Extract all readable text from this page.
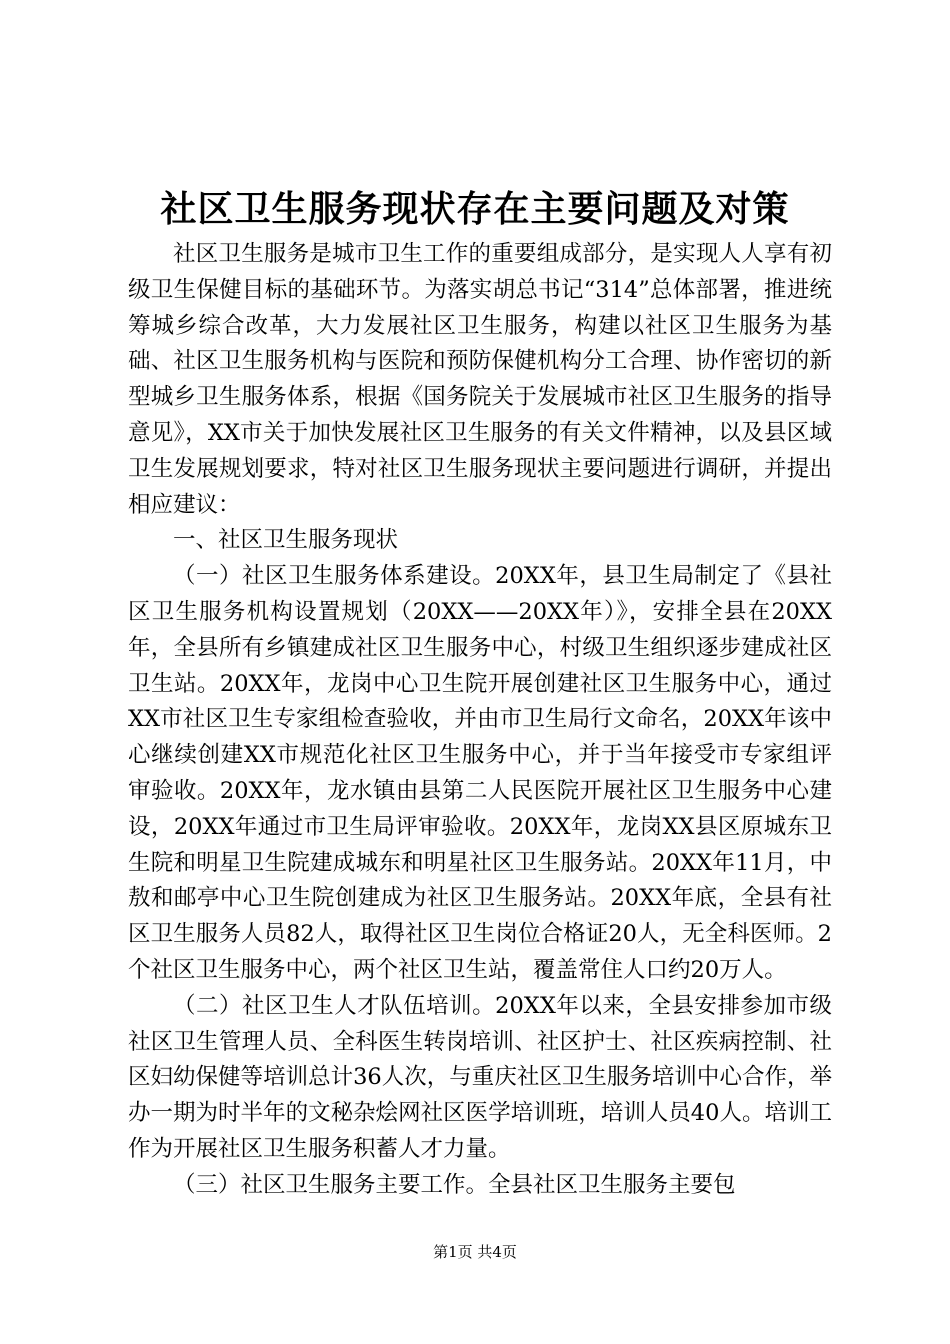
社区卫生服务现状存在主要问题及对策

社区卫生服务是城市卫生工作的重要组成部分，是实现人人享有初级卫生保健目标的基础环节。为落实胡总书记“314”总体部署，推进统筹城乡综合改革，大力发展社区卫生服务，构建以社区卫生服务为基础、社区卫生服务机构与医院和预防保健机构分工合理、协作密切的新型城乡卫生服务体系，根据《国务院关于发展城市社区卫生服务的指导意见》，XX市关于加快发展社区卫生服务的有关文件精神，以及县区域卫生发展规划要求，特对社区卫生服务现状主要问题进行调研，并提出相应建议：

一、社区卫生服务现状

（一）社区卫生服务体系建设。20XX年，县卫生局制定了《县社区卫生服务机构设置规划（20XX——20XX年）》，安排全县在20XX年，全县所有乡镇建成社区卫生服务中心，村级卫生组织逐步建成社区卫生站。20XX年，龙岗中心卫生院开展创建社区卫生服务中心，通过XX市社区卫生专家组检查验收，并由市卫生局行文命名，20XX年该中心继续创建XX市规范化社区卫生服务中心，并于当年接受市专家组评审验收。20XX年，龙水镇由县第二人民医院开展社区卫生服务中心建设，20XX年通过市卫生局评审验收。20XX年，龙岗XX县区原城东卫生院和明星卫生院建成城东和明星社区卫生服务站。20XX年11月，中敖和邮亭中心卫生院创建成为社区卫生服务站。20XX年底，全县有社区卫生服务人员82人，取得社区卫生岗位合格证20人，无全科医师。2个社区卫生服务中心，两个社区卫生站，覆盖常住人口约20万人。

（二）社区卫生人才队伍培训。20XX年以来，全县安排参加市级社区卫生管理人员、全科医生转岗培训、社区护士、社区疾病控制、社区妇幼保健等培训总计36人次，与重庆社区卫生服务培训中心合作，举办一期为时半年的文秘杂烩网社区医学培训班，培训人员40人。培训工作为开展社区卫生服务积蓄人才力量。

（三）社区卫生服务主要工作。全县社区卫生服务主要包

第1页 共4页
